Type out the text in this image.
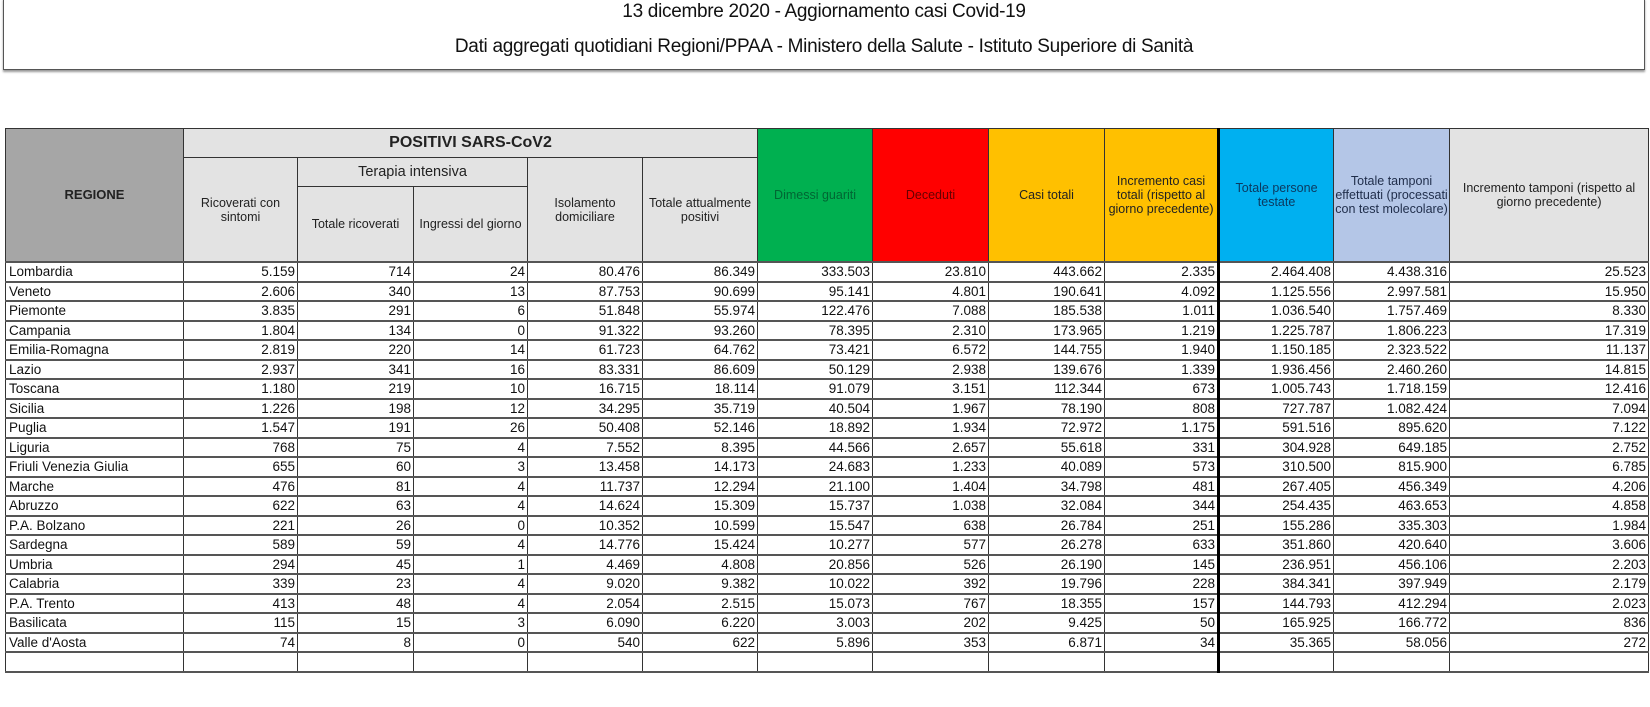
13 dicembre 2020 - Aggiornamento casi Covid-19
Dati aggregati quotidiani Regioni/PPAA - Ministero della Salute - Istituto Superiore di Sanità
REGIONE	POSITIVI SARS-CoV2					Dimessi guariti	Deceduti	Casi totali	Incremento casi totali (rispetto al giorno precedente)	Totale persone testate	Totale tamponi effettuati (processati con test molecolare)	Incremento tamponi (rispetto al giorno precedente)
	Ricoverati con sintomi	Terapia intensiva		Isolamento domiciliare	Totale attualmente positivi							
		Totale ricoverati	Ingressi del giorno									
Lombardia	5.159	714	24	80.476	86.349	333.503	23.810	443.662	2.335	2.464.408	4.438.316	25.523
Veneto	2.606	340	13	87.753	90.699	95.141	4.801	190.641	4.092	1.125.556	2.997.581	15.950
Piemonte	3.835	291	6	51.848	55.974	122.476	7.088	185.538	1.011	1.036.540	1.757.469	8.330
Campania	1.804	134	0	91.322	93.260	78.395	2.310	173.965	1.219	1.225.787	1.806.223	17.319
Emilia-Romagna	2.819	220	14	61.723	64.762	73.421	6.572	144.755	1.940	1.150.185	2.323.522	11.137
Lazio	2.937	341	16	83.331	86.609	50.129	2.938	139.676	1.339	1.936.456	2.460.260	14.815
Toscana	1.180	219	10	16.715	18.114	91.079	3.151	112.344	673	1.005.743	1.718.159	12.416
Sicilia	1.226	198	12	34.295	35.719	40.504	1.967	78.190	808	727.787	1.082.424	7.094
Puglia	1.547	191	26	50.408	52.146	18.892	1.934	72.972	1.175	591.516	895.620	7.122
Liguria	768	75	4	7.552	8.395	44.566	2.657	55.618	331	304.928	649.185	2.752
Friuli Venezia Giulia	655	60	3	13.458	14.173	24.683	1.233	40.089	573	310.500	815.900	6.785
Marche	476	81	4	11.737	12.294	21.100	1.404	34.798	481	267.405	456.349	4.206
Abruzzo	622	63	4	14.624	15.309	15.737	1.038	32.084	344	254.435	463.653	4.858
P.A. Bolzano	221	26	0	10.352	10.599	15.547	638	26.784	251	155.286	335.303	1.984
Sardegna	589	59	4	14.776	15.424	10.277	577	26.278	633	351.860	420.640	3.606
Umbria	294	45	1	4.469	4.808	20.856	526	26.190	145	236.951	456.106	2.203
Calabria	339	23	4	9.020	9.382	10.022	392	19.796	228	384.341	397.949	2.179
P.A. Trento	413	48	4	2.054	2.515	15.073	767	18.355	157	144.793	412.294	2.023
Basilicata	115	15	3	6.090	6.220	3.003	202	9.425	50	165.925	166.772	836
Valle d'Aosta	74	8	0	540	622	5.896	353	6.871	34	35.365	58.056	272
